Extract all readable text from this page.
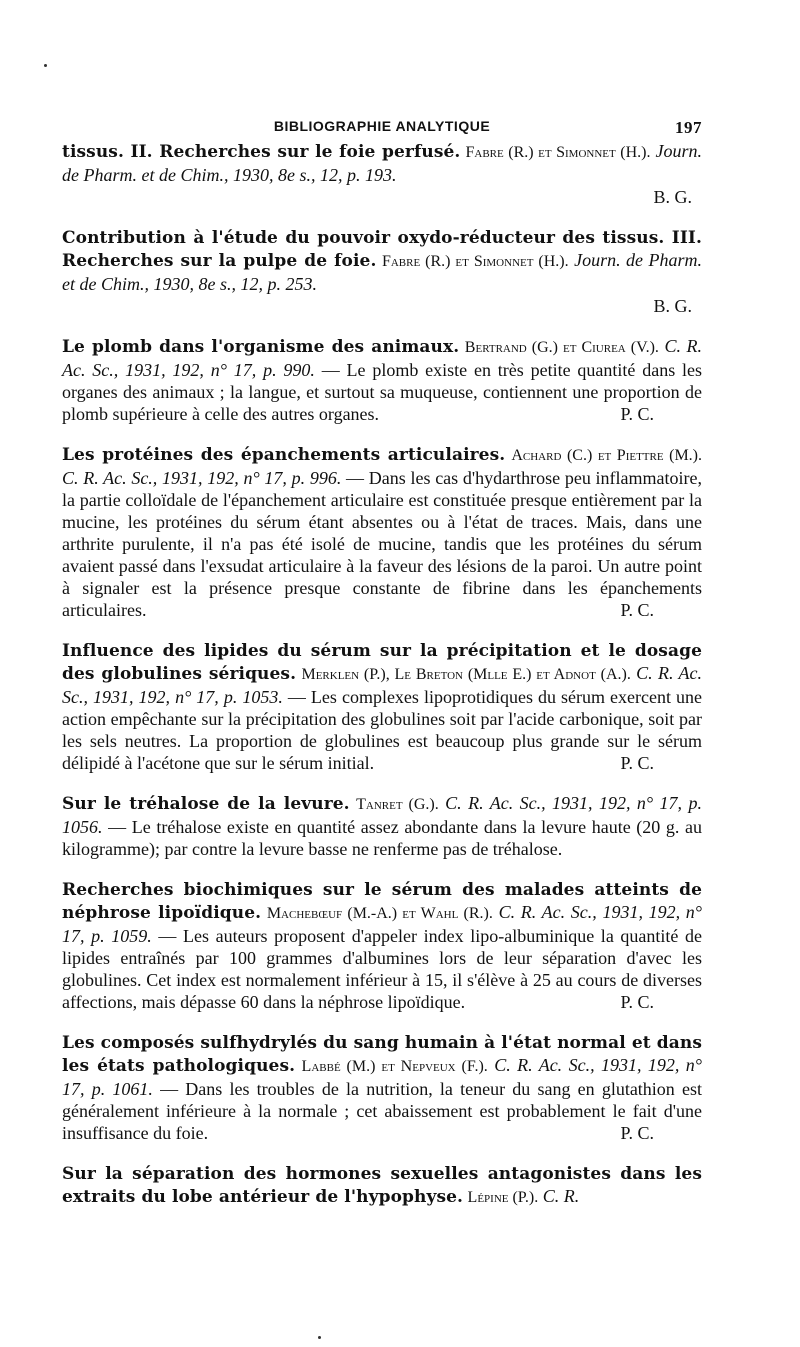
BIBLIOGRAPHIE ANALYTIQUE	197
tissus. II. Recherches sur le foie perfusé. Fabre (R.) et Simonnet (H.). Journ. de Pharm. et de Chim., 1930, 8e s., 12, p. 193.
B. G.
Contribution à l'étude du pouvoir oxydo-réducteur des tissus. III. Recherches sur la pulpe de foie. Fabre (R.) et Simonnet (H.). Journ. de Pharm. et de Chim., 1930, 8e s., 12, p. 253.
B. G.
Le plomb dans l'organisme des animaux. Bertrand (G.) et Ciurea (V.). C. R. Ac. Sc., 1931, 192, n° 17, p. 990. — Le plomb existe en très petite quantité dans les organes des animaux ; la langue, et surtout sa muqueuse, contiennent une proportion de plomb supérieure à celle des autres organes.	P. C.
Les protéines des épanchements articulaires. Achard (C.) et Piettre (M.). C. R. Ac. Sc., 1931, 192, n° 17, p. 996. — Dans les cas d'hydarthrose peu inflammatoire, la partie colloïdale de l'épanchement articulaire est constituée presque entièrement par la mucine, les protéines du sérum étant absentes ou à l'état de traces. Mais, dans une arthrite purulente, il n'a pas été isolé de mucine, tandis que les protéines du sérum avaient passé dans l'exsudat articulaire à la faveur des lésions de la paroi. Un autre point à signaler est la présence presque constante de fibrine dans les épanchements articulaires.	P. C.
Influence des lipides du sérum sur la précipitation et le dosage des globulines sériques. Merklen (P.), Le Breton (Mlle E.) et Adnot (A.). C. R. Ac. Sc., 1931, 192, n° 17, p. 1053. — Les complexes lipoprotidiques du sérum exercent une action empêchante sur la précipitation des globulines soit par l'acide carbonique, soit par les sels neutres. La proportion de globulines est beaucoup plus grande sur le sérum délipidé à l'acétone que sur le sérum initial.	P. C.
Sur le tréhalose de la levure. Tanret (G.). C. R. Ac. Sc., 1931, 192, n° 17, p. 1056. — Le tréhalose existe en quantité assez abondante dans la levure haute (20 g. au kilogramme); par contre la levure basse ne renferme pas de tréhalose.
Recherches biochimiques sur le sérum des malades atteints de néphrose lipoïdique. Machebœuf (M.-A.) et Wahl (R.). C. R. Ac. Sc., 1931, 192, n° 17, p. 1059. — Les auteurs proposent d'appeler index lipo-albuminique la quantité de lipides entraînés par 100 grammes d'albumines lors de leur séparation d'avec les globulines. Cet index est normalement inférieur à 15, il s'élève à 25 au cours de diverses affections, mais dépasse 60 dans la néphrose lipoïdique.	P. C.
Les composés sulfhydrylés du sang humain à l'état normal et dans les états pathologiques. Labbé (M.) et Nepveux (F.). C. R. Ac. Sc., 1931, 192, n° 17, p. 1061. — Dans les troubles de la nutrition, la teneur du sang en glutathion est généralement inférieure à la normale ; cet abaissement est probablement le fait d'une insuffisance du foie.	P. C.
Sur la séparation des hormones sexuelles antagonistes dans les extraits du lobe antérieur de l'hypophyse. Lépine (P.). C. R.
